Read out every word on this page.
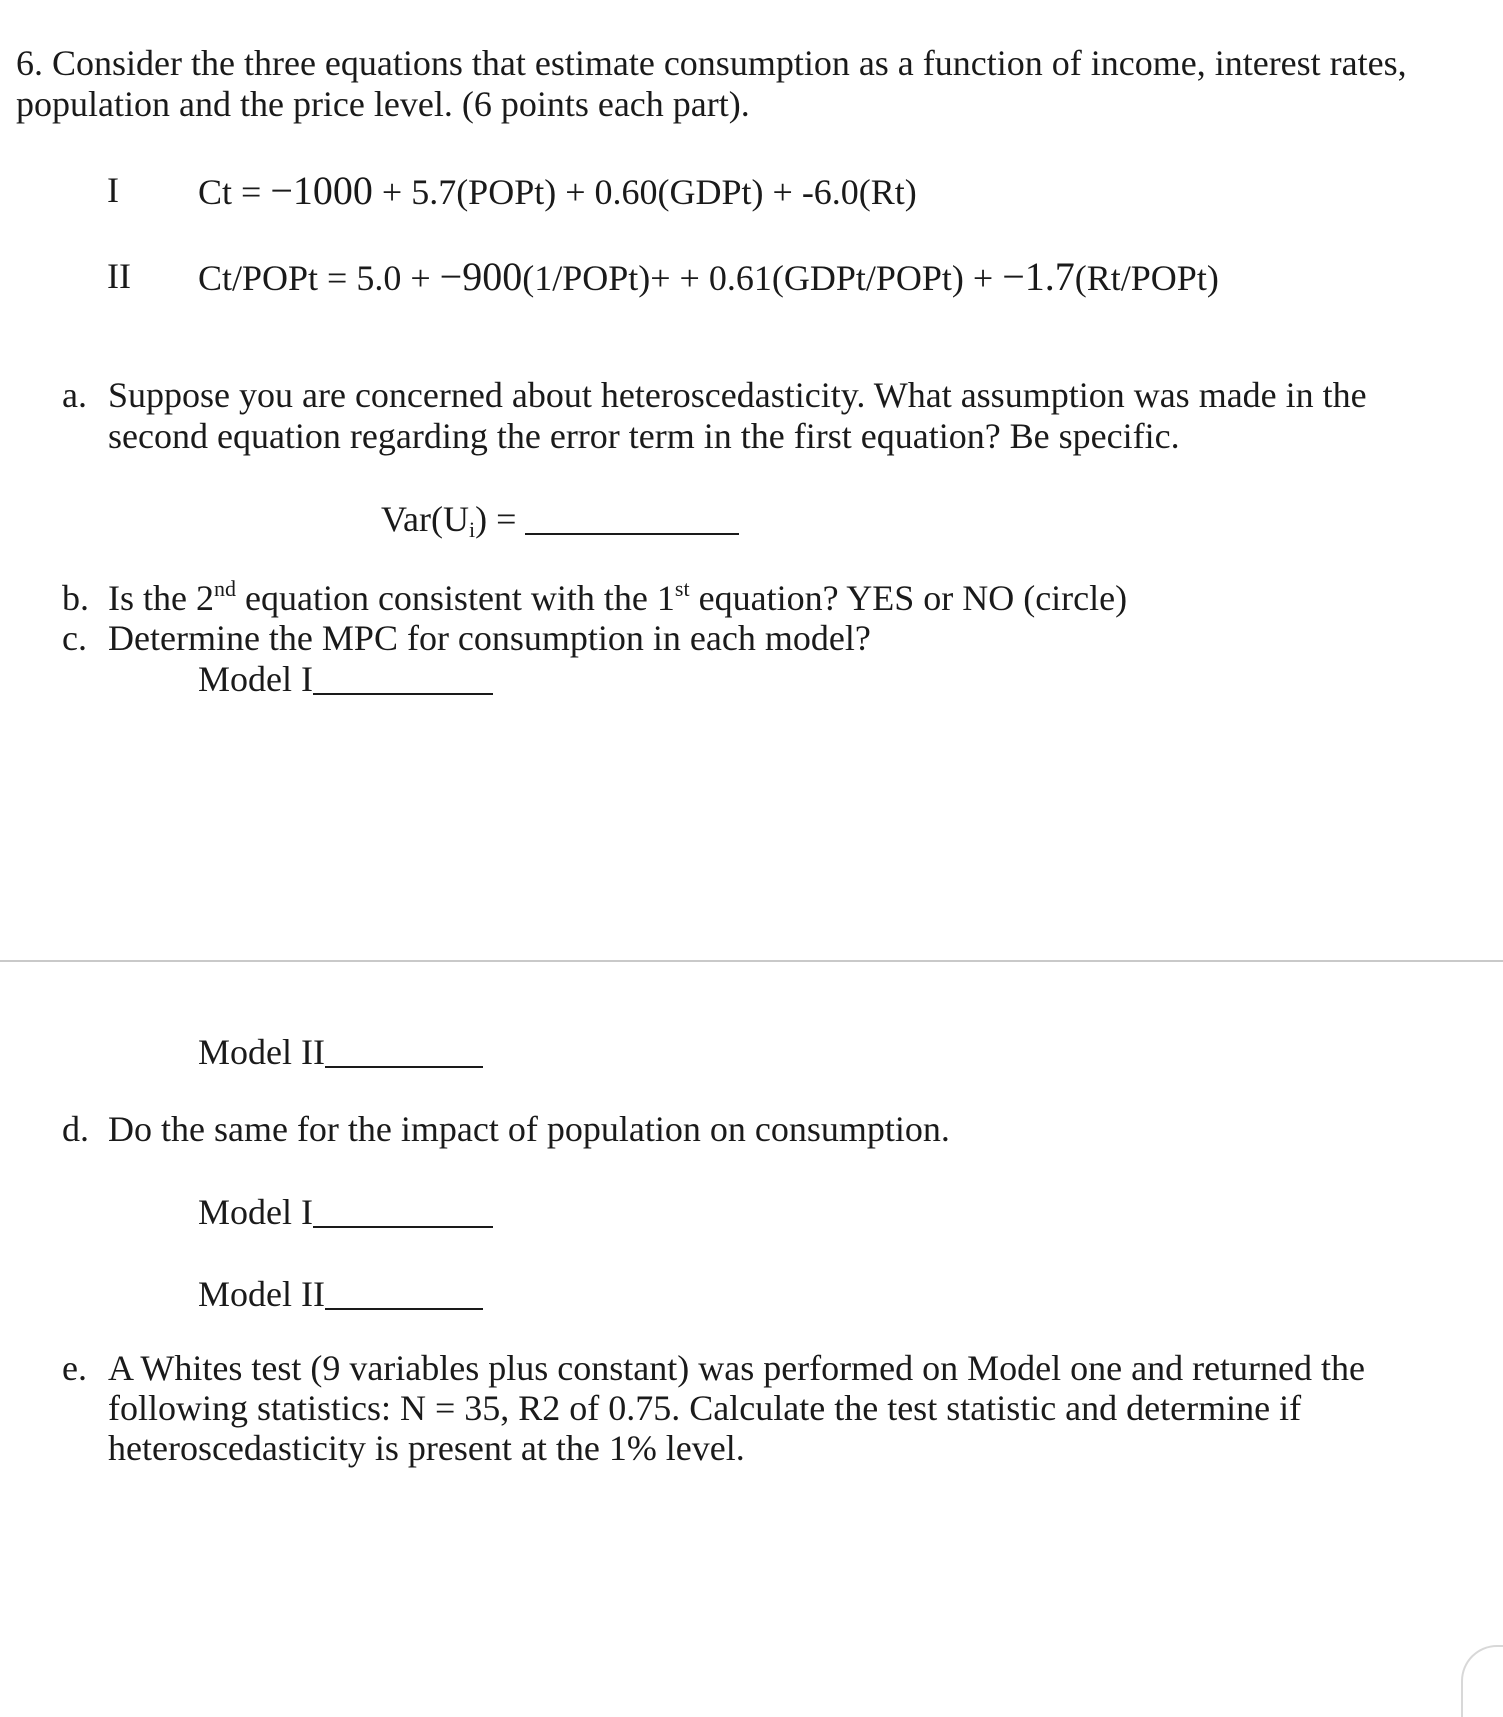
6. Consider the three equations that estimate consumption as a function of income, interest rates,
population and the price level. (6 points each part).
I Ct = −1000 + 5.7(POPt) + 0.60(GDPt) + -6.0(Rt)
II Ct/POPt = 5.0 + −900(1/POPt)+ + 0.61(GDPt/POPt) + −1.7(Rt/POPt)
a. Suppose you are concerned about heteroscedasticity. What assumption was made in the
second equation regarding the error term in the first equation? Be specific.
$Var(U_i)$ =
b. Is the 2nd equation consistent with the 1st equation? YES or NO (circle)
c. Determine the MPC for consumption in each model?
Model I
Model II
d. Do the same for the impact of population on consumption.
Model I
Model II
e. A Whites test (9 variables plus constant) was performed on Model one and returned the
following statistics: N = 35, R2 of 0.75. Calculate the test statistic and determine if
heteroscedasticity is present at the 1% level.
